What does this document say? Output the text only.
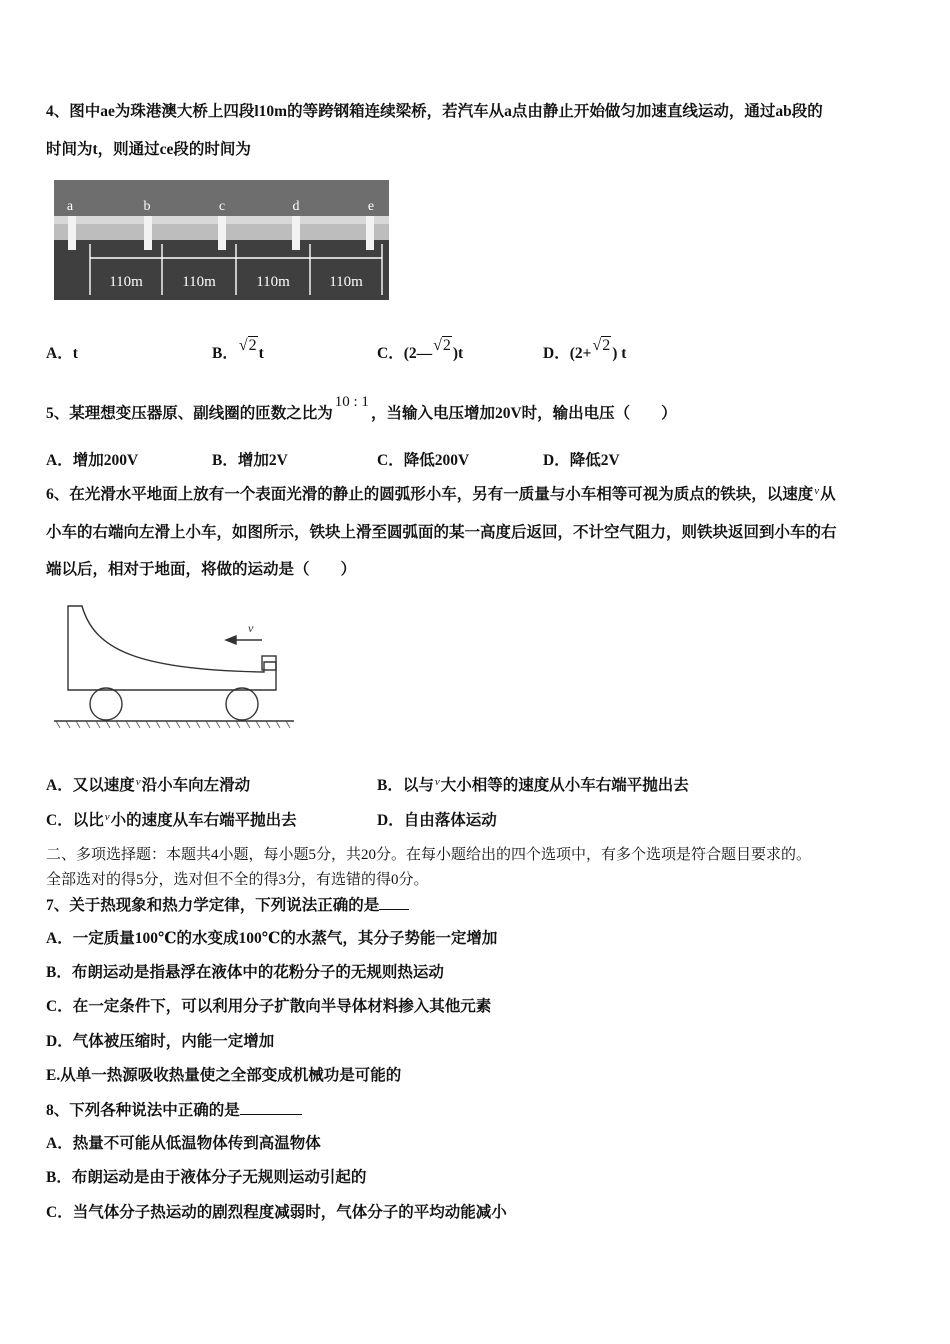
4、图中ae为珠港澳大桥上四段l10m的等跨钢箱连续梁桥，若汽车从a点由静止开始做匀加速直线运动，通过ab段的
时间为t，则通过ce段的时间为
a	b	c	d	e
110m	110m	110m	110m
A．t	B．√2 t	C．(2—√2 )t	D．(2+√2 ) t
5、某理想变压器原、副线圈的匝数之比为10 : 1，当输入电压增加20V时，输出电压（　　）
A．增加200V	B．增加2V	C．降低200V	D．降低2V
6、在光滑水平地面上放有一个表面光滑的静止的圆弧形小车，另有一质量与小车相等可视为质点的铁块，以速度$^v$从
小车的右端向左滑上小车，如图所示，铁块上滑至圆弧面的某一高度后返回，不计空气阻力，则铁块返回到小车的右
端以后，相对于地面，将做的运动是（　　）
v
A．又以速度$^v$沿小车向左滑动	B．以与$^v$大小相等的速度从小车右端平抛出去
C．以比$^v$小的速度从车右端平抛出去	D．自由落体运动
二、多项选择题：本题共4小题，每小题5分，共20分。在每小题给出的四个选项中，有多个选项是符合题目要求的。
全部选对的得5分，选对但不全的得3分，有选错的得0分。
7、关于热现象和热力学定律，下列说法正确的是
A．一定质量100℃的水变成100℃的水蒸气，其分子势能一定增加
B．布朗运动是指悬浮在液体中的花粉分子的无规则热运动
C．在一定条件下，可以利用分子扩散向半导体材料掺入其他元素
D．气体被压缩时，内能一定增加
E.从单一热源吸收热量使之全部变成机械功是可能的
8、下列各种说法中正确的是
A．热量不可能从低温物体传到高温物体
B．布朗运动是由于液体分子无规则运动引起的
C．当气体分子热运动的剧烈程度减弱时，气体分子的平均动能减小
